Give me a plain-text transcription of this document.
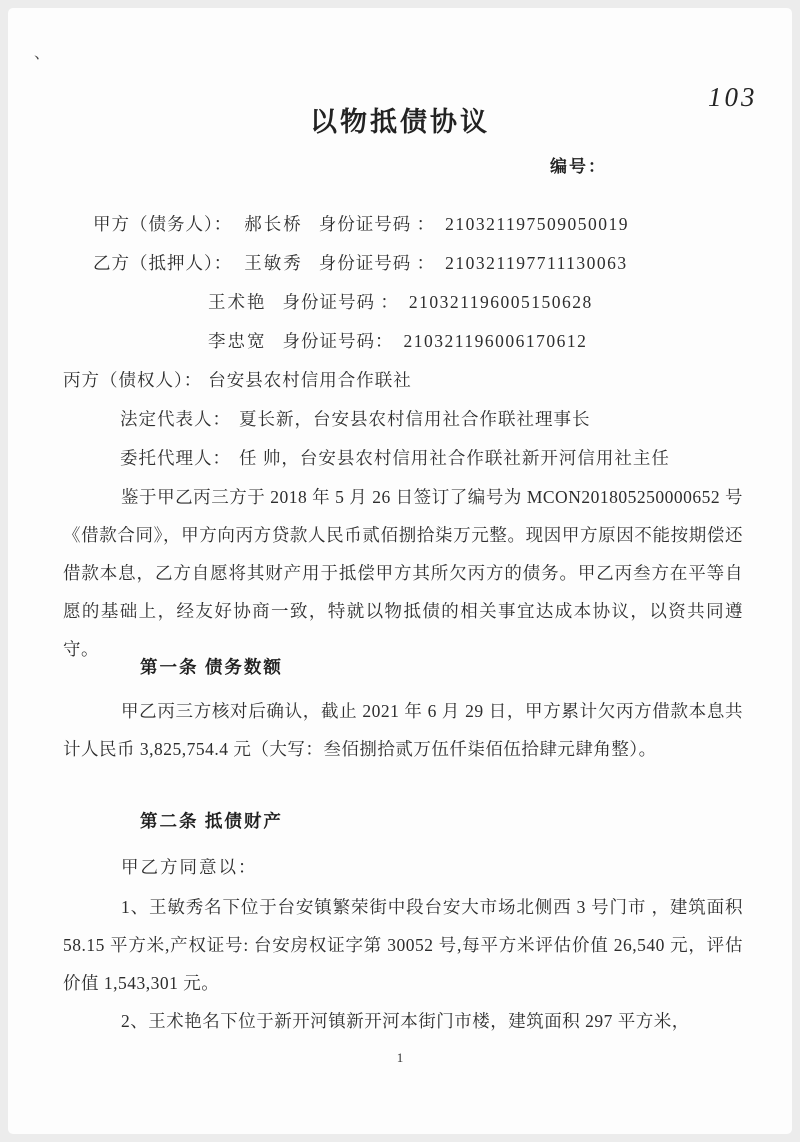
、
103
以物抵债协议
编号：
甲方（债务人）： 郝长桥 身份证号码 ： 210321197509050019
乙方（抵押人）： 王敏秀 身份证号码 ： 210321197711130063
王术艳 身份证号码 ： 210321196005150628
李忠宽 身份证号码： 210321196006170612
丙方（债权人）： 台安县农村信用合作联社
法定代表人： 夏长新，台安县农村信用社合作联社理事长
委托代理人： 任 帅，台安县农村信用社合作联社新开河信用社主任
鉴于甲乙丙三方于 2018 年 5 月 26 日签订了编号为 MCON201805250000652 号《借款合同》，甲方向丙方贷款人民币贰佰捌拾柒万元整。现因甲方原因不能按期偿还借款本息，乙方自愿将其财产用于抵偿甲方其所欠丙方的债务。甲乙丙叁方在平等自愿的基础上，经友好协商一致，特就以物抵债的相关事宜达成本协议，以资共同遵守。
第一条 债务数额
甲乙丙三方核对后确认，截止 2021 年 6 月 29 日，甲方累计欠丙方借款本息共计人民币 3,825,754.4 元（大写：叁佰捌拾贰万伍仟柒佰伍拾肆元肆角整）。
第二条 抵债财产
甲乙方同意以：
1、王敏秀名下位于台安镇繁荣街中段台安大市场北侧西 3 号门市 ，建筑面积 58.15 平方米,产权证号: 台安房权证字第 30052 号,每平方米评估价值 26,540 元，评估价值 1,543,301 元。
2、王术艳名下位于新开河镇新开河本街门市楼，建筑面积 297 平方米，
1
